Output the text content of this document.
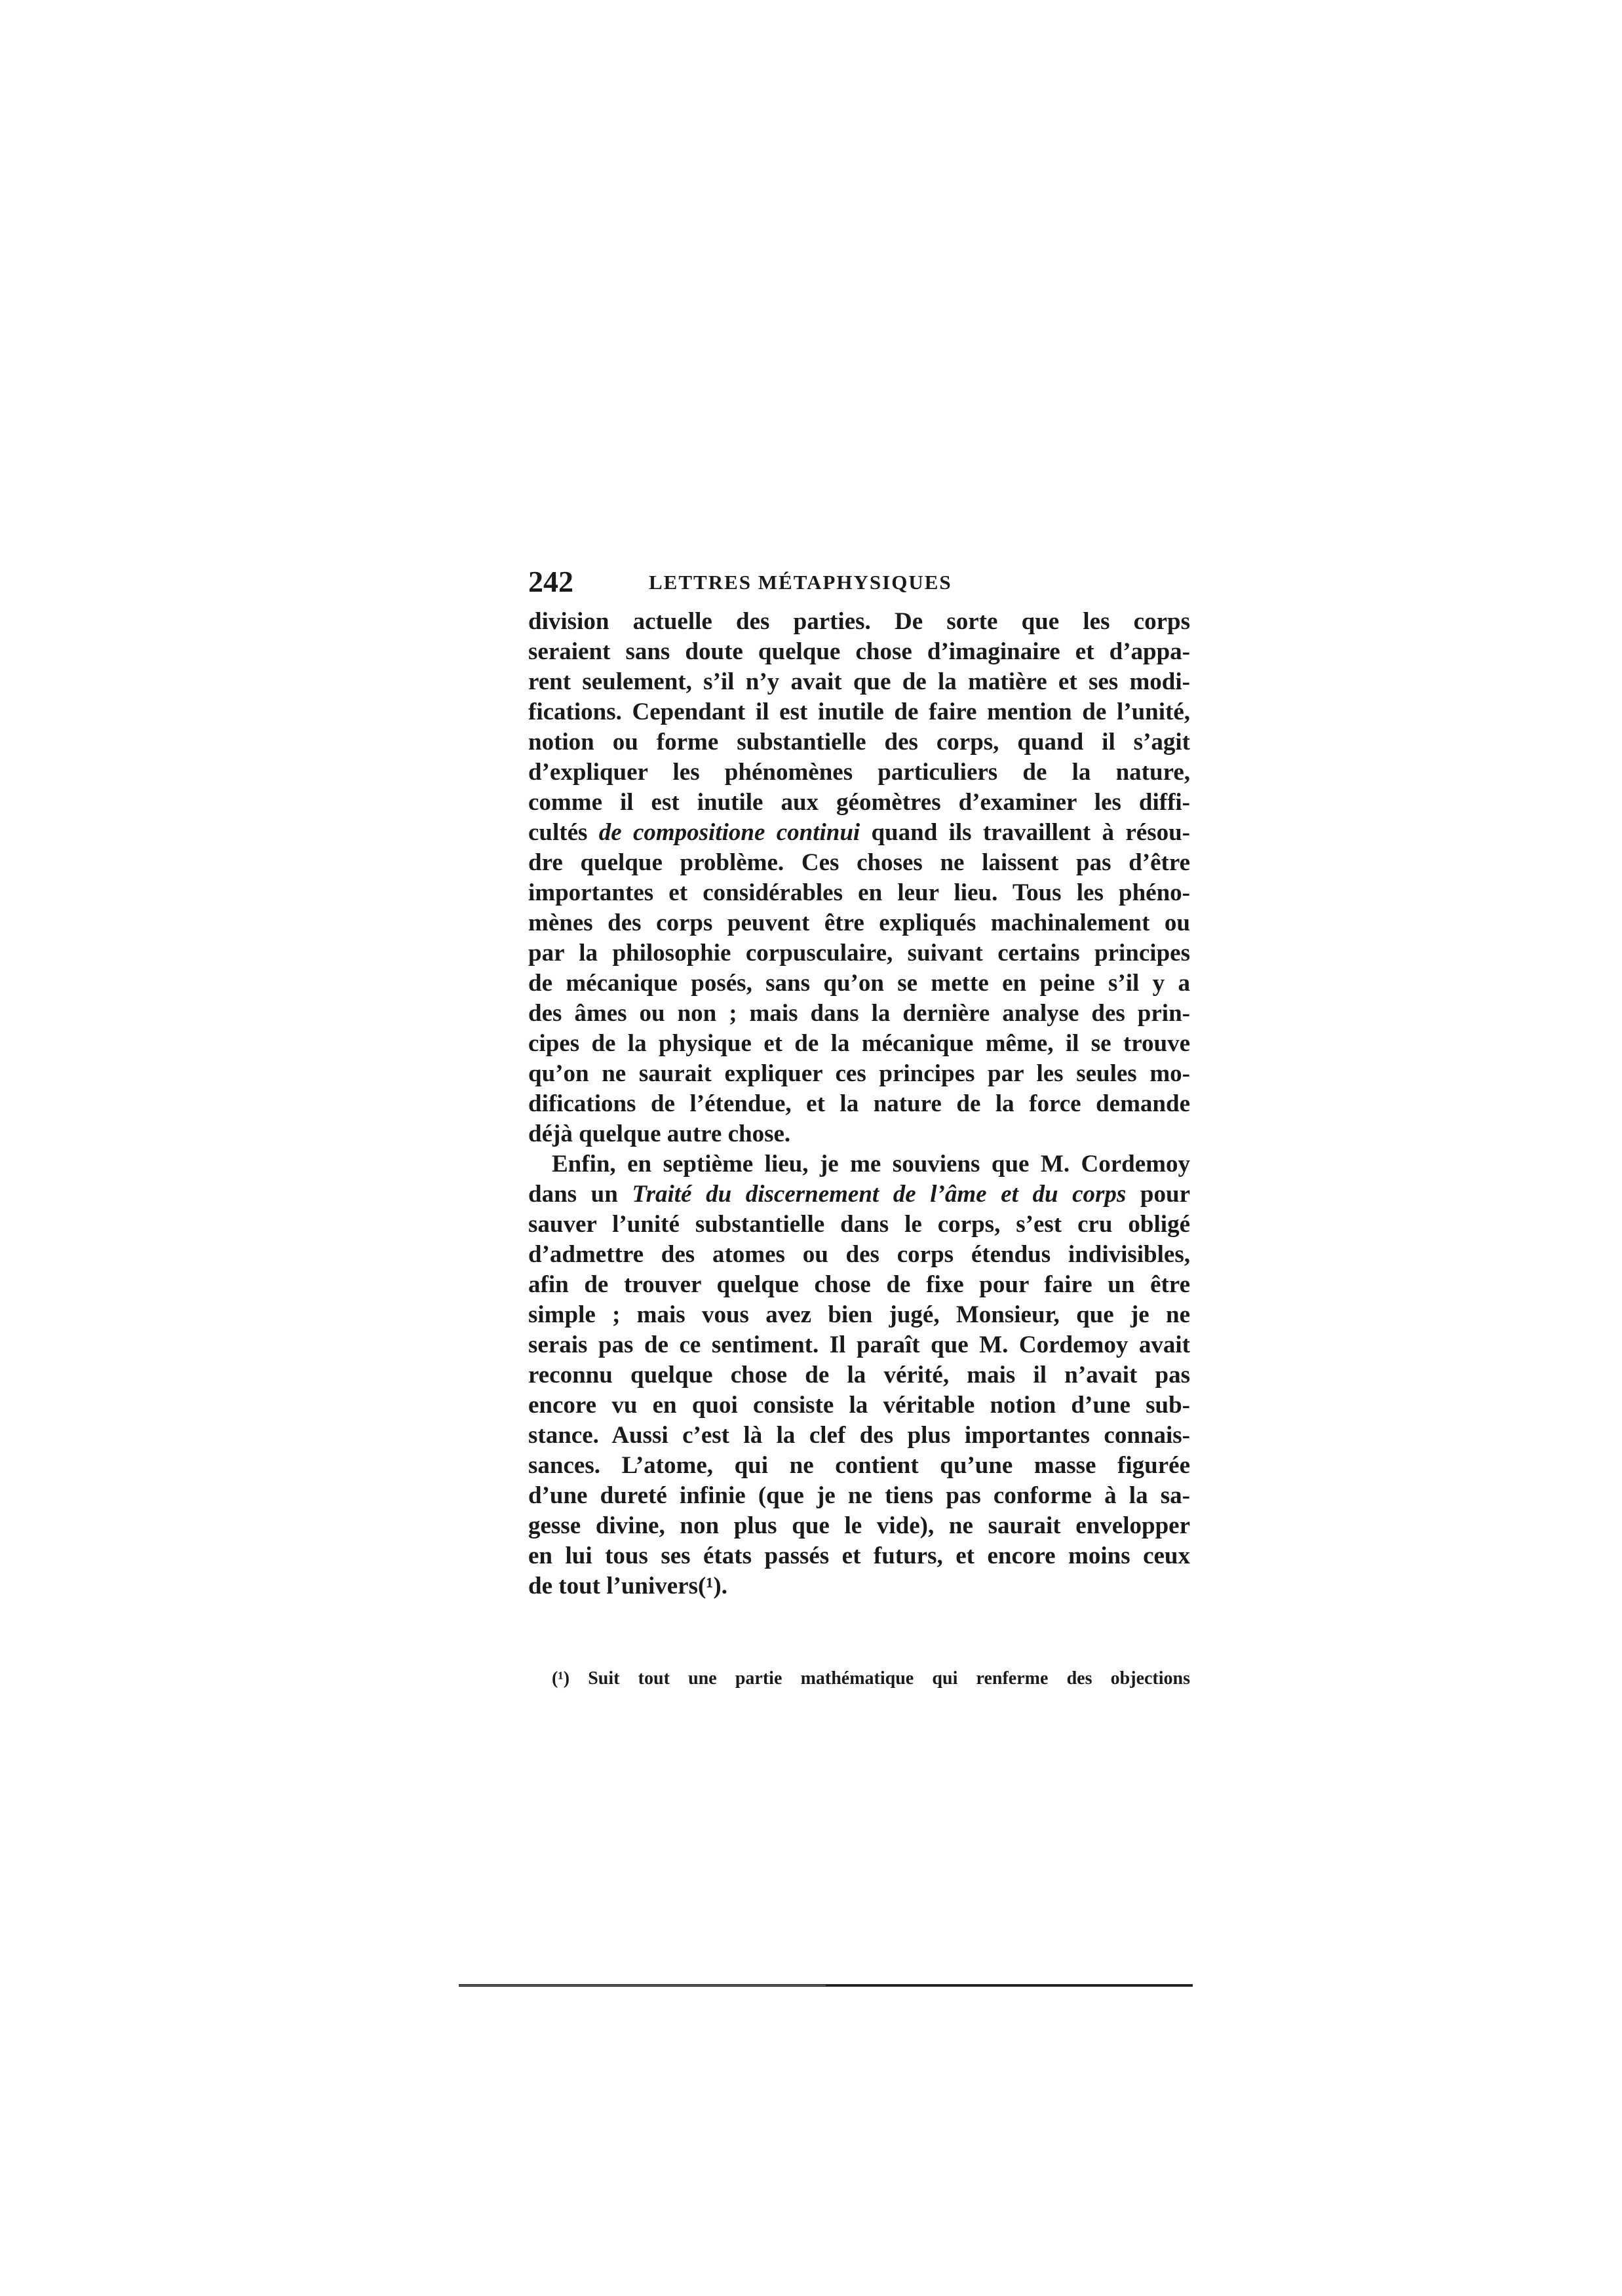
242	LETTRES MÉTAPHYSIQUES
division actuelle des parties. De sorte que les corps
seraient sans doute quelque chose d’imaginaire et d’appa-
rent seulement, s’il n’y avait que de la matière et ses modi-
fications. Cependant il est inutile de faire mention de l’unité,
notion ou forme substantielle des corps, quand il s’agit
d’expliquer les phénomènes particuliers de la nature,
comme il est inutile aux géomètres d’examiner les diffi-
cultés de compositione continui quand ils travaillent à résou-
dre quelque problème. Ces choses ne laissent pas d’être
importantes et considérables en leur lieu. Tous les phéno-
mènes des corps peuvent être expliqués machinalement ou
par la philosophie corpusculaire, suivant certains principes
de mécanique posés, sans qu’on se mette en peine s’il y a
des âmes ou non ; mais dans la dernière analyse des prin-
cipes de la physique et de la mécanique même, il se trouve
qu’on ne saurait expliquer ces principes par les seules mo-
difications de l’étendue, et la nature de la force demande
déjà quelque autre chose.
Enfin, en septième lieu, je me souviens que M. Cordemoy
dans un Traité du discernement de l’âme et du corps pour
sauver l’unité substantielle dans le corps, s’est cru obligé
d’admettre des atomes ou des corps étendus indivisibles,
afin de trouver quelque chose de fixe pour faire un être
simple ; mais vous avez bien jugé, Monsieur, que je ne
serais pas de ce sentiment. Il paraît que M. Cordemoy avait
reconnu quelque chose de la vérité, mais il n’avait pas
encore vu en quoi consiste la véritable notion d’une sub-
stance. Aussi c’est là la clef des plus importantes connais-
sances. L’atome, qui ne contient qu’une masse figurée
d’une dureté infinie (que je ne tiens pas conforme à la sa-
gesse divine, non plus que le vide), ne saurait envelopper
en lui tous ses états passés et futurs, et encore moins ceux
de tout l’univers(¹).
(¹) Suit tout une partie mathématique qui renferme des objections
